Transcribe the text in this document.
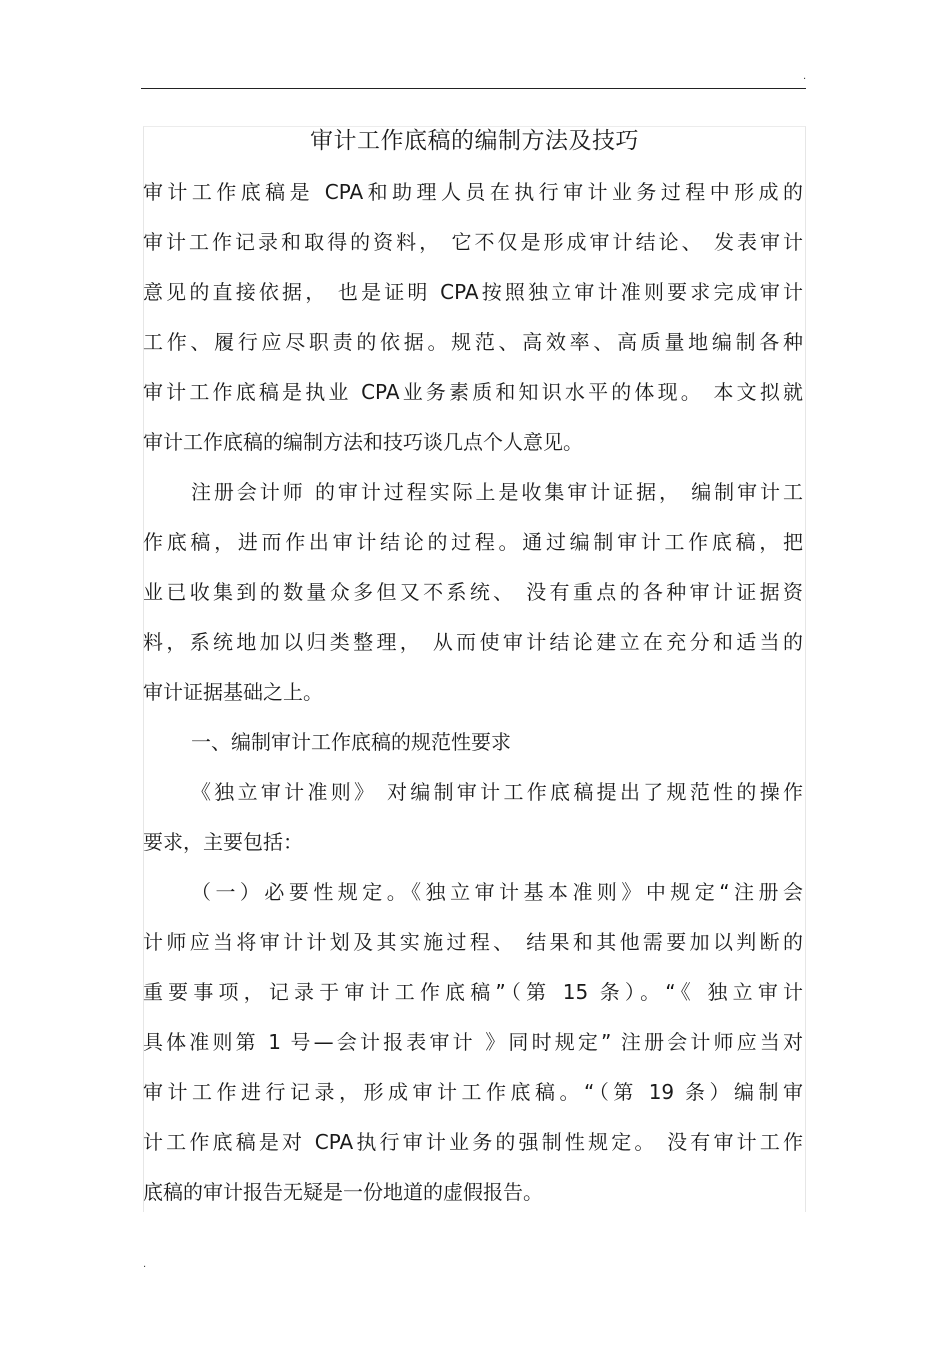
.
审计工作底稿的编制方法及技巧
审计工作底稿是 CPA和助理人员在执行审计业务过程中形成的
审计工作记录和取得的资料， 它不仅是形成审计结论、 发表审计
意见的直接依据， 也是证明 CPA按照独立审计准则要求完成审计
工作、履行应尽职责的依据。规范、高效率、高质量地编制各种
审计工作底稿是执业 CPA业务素质和知识水平的体现。 本文拟就
审计工作底稿的编制方法和技巧谈几点个人意见。
注册会计师 的审计过程实际上是收集审计证据， 编制审计工
作底稿，进而作出审计结论的过程。通过编制审计工作底稿，把
业已收集到的数量众多但又不系统、 没有重点的各种审计证据资
料，系统地加以归类整理， 从而使审计结论建立在充分和适当的
审计证据基础之上。
一、编制审计工作底稿的规范性要求
《独立审计准则》 对编制审计工作底稿提出了规范性的操作
要求，主要包括：
（一）必要性规定。《独立审计基本准则》中规定“注册会
计师应当将审计计划及其实施过程、 结果和其他需要加以判断的
重要事项，记录于审计工作底稿”（第 15 条）。“《 独立审计
具体准则第 1 号—会计报表审计 》同时规定” 注册会计师应当对
审计工作进行记录，形成审计工作底稿。“（第 19 条）编制审
计工作底稿是对 CPA执行审计业务的强制性规定。 没有审计工作
底稿的审计报告无疑是一份地道的虚假报告。
.
